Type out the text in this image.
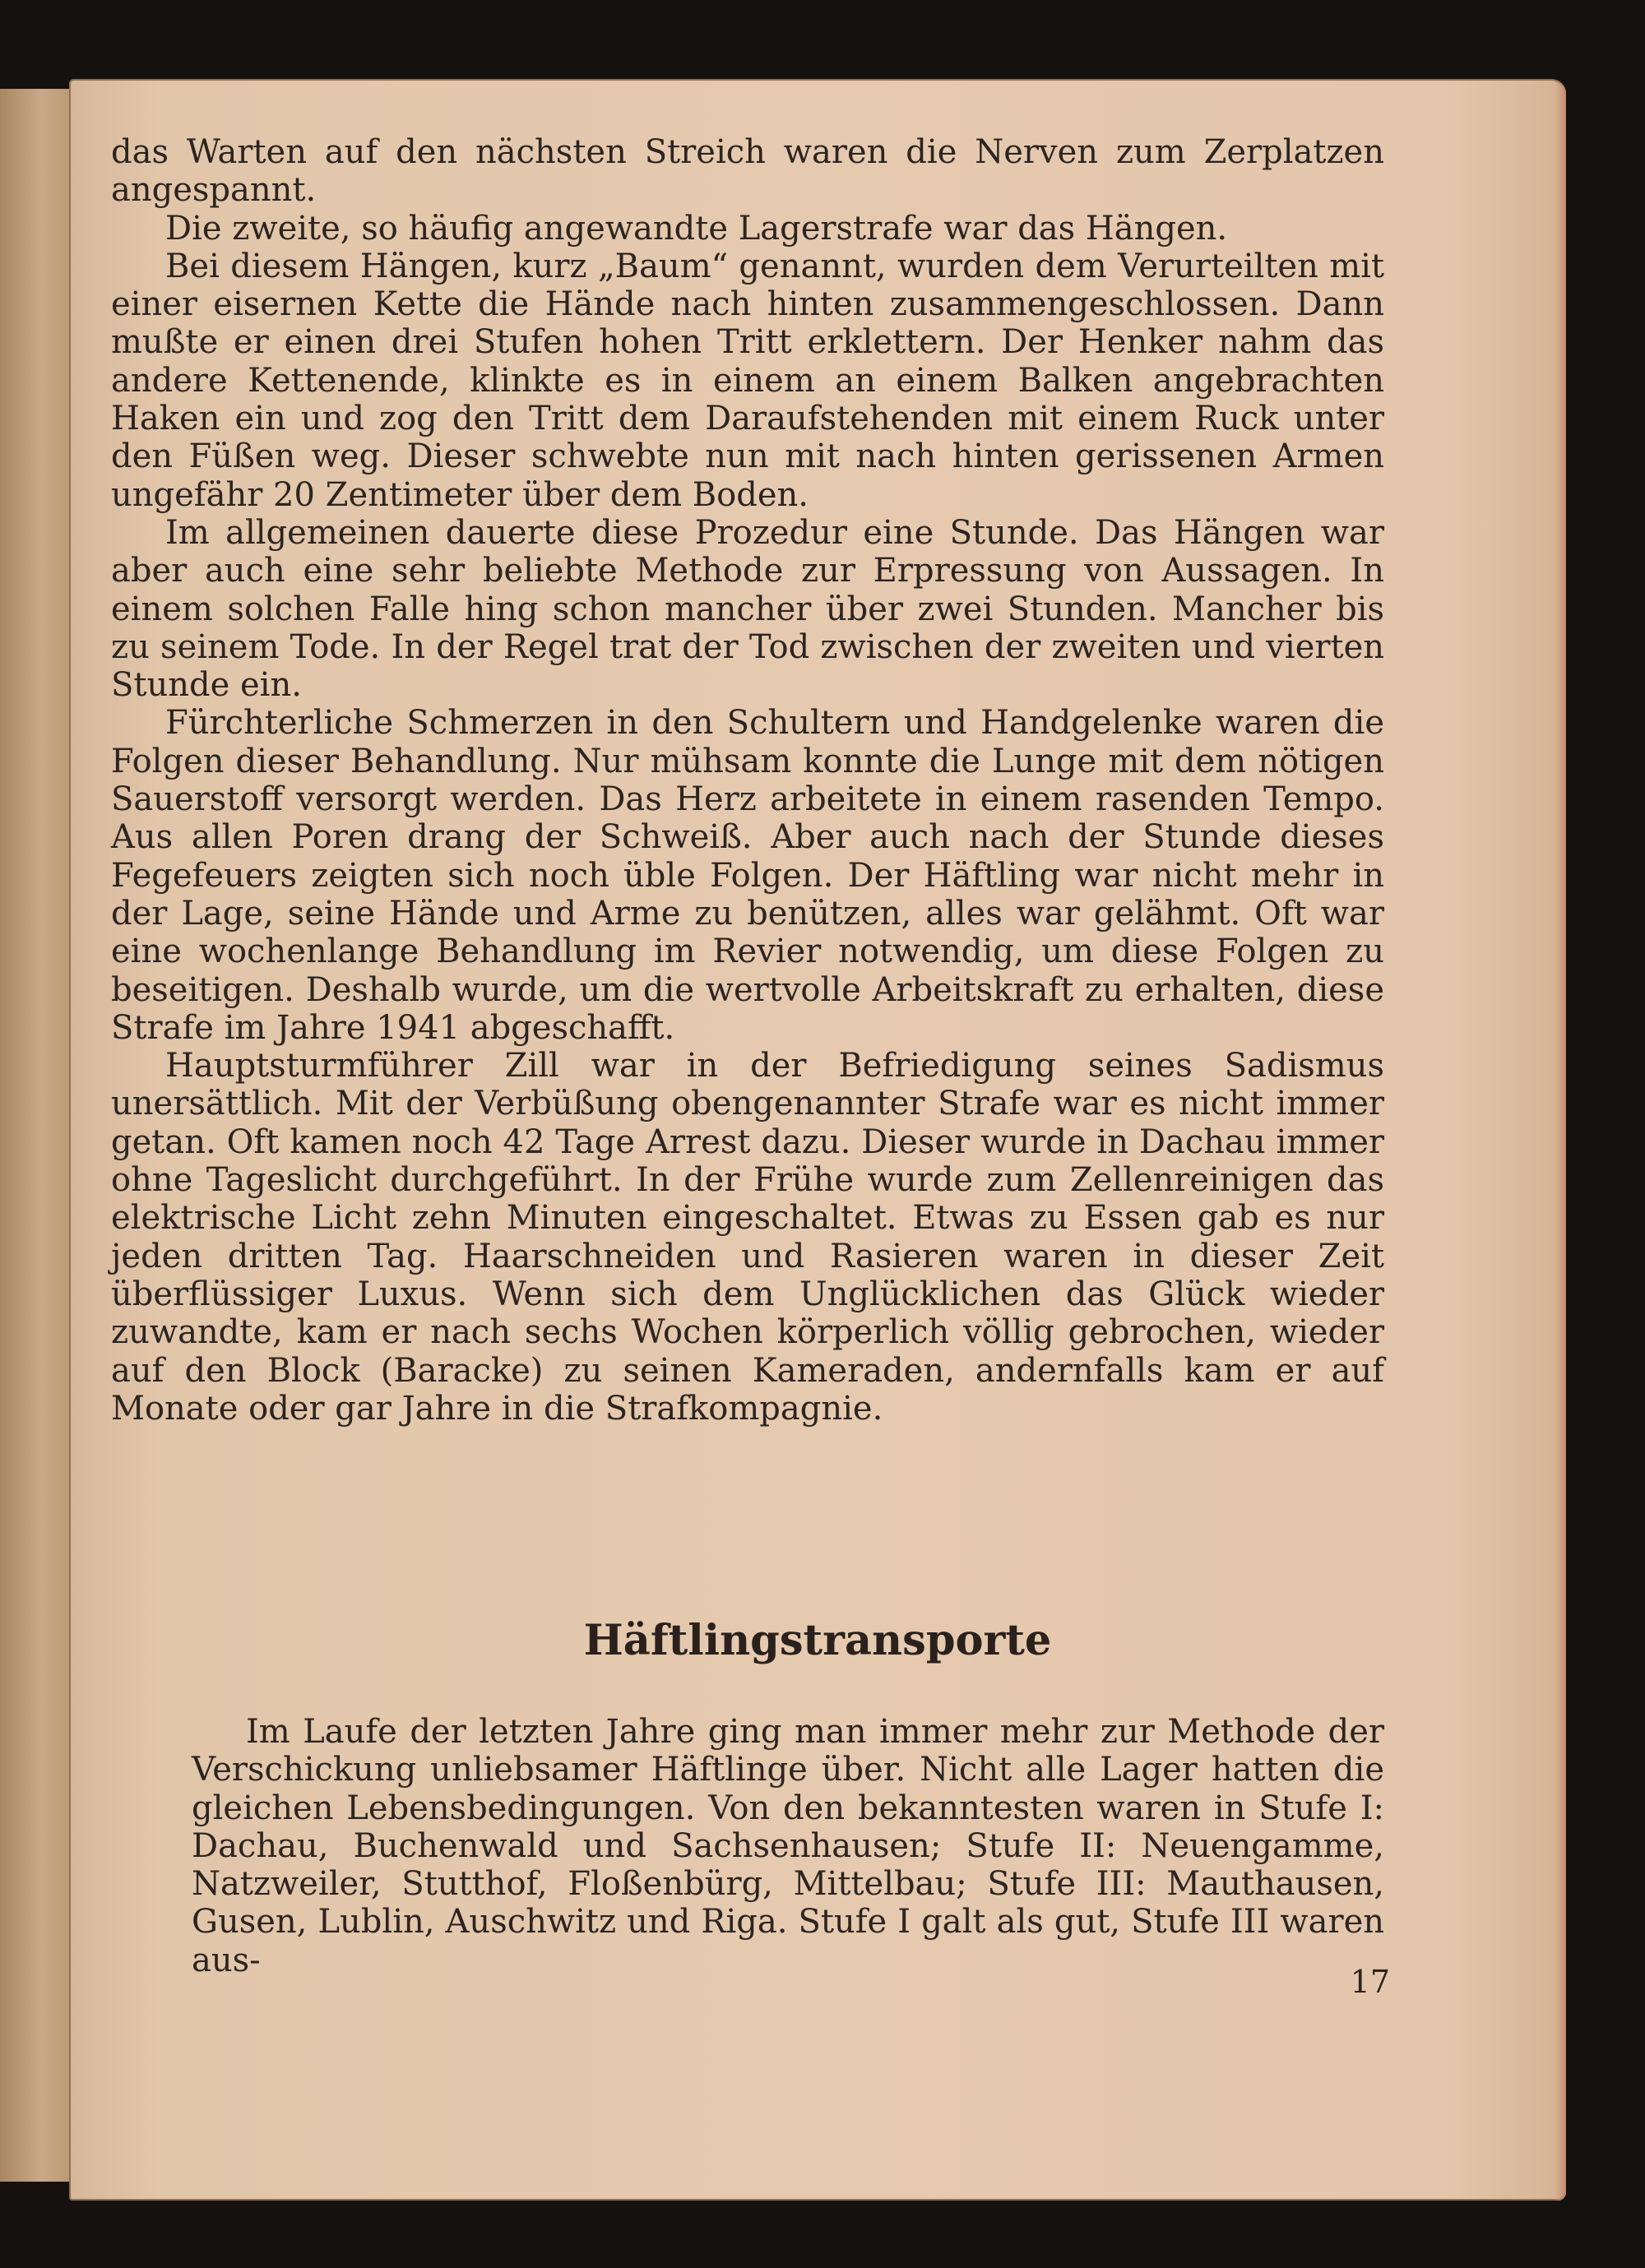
das Warten auf den nächsten Streich waren die Nerven zum Zerplatzen angespannt.

Die zweite, so häufig angewandte Lagerstrafe war das Hängen.

Bei diesem Hängen, kurz „Baum“ genannt, wurden dem Verurteilten mit einer eisernen Kette die Hände nach hinten zusammengeschlossen. Dann mußte er einen drei Stufen hohen Tritt erklettern. Der Henker nahm das andere Kettenende, klinkte es in einem an einem Balken angebrachten Haken ein und zog den Tritt dem Daraufstehenden mit einem Ruck unter den Füßen weg. Dieser schwebte nun mit nach hinten gerissenen Armen ungefähr 20 Zentimeter über dem Boden.

Im allgemeinen dauerte diese Prozedur eine Stunde. Das Hängen war aber auch eine sehr beliebte Methode zur Erpressung von Aussagen. In einem solchen Falle hing schon mancher über zwei Stunden. Mancher bis zu seinem Tode. In der Regel trat der Tod zwischen der zweiten und vierten Stunde ein.

Fürchterliche Schmerzen in den Schultern und Handgelenke waren die Folgen dieser Behandlung. Nur mühsam konnte die Lunge mit dem nötigen Sauerstoff versorgt werden. Das Herz arbeitete in einem rasenden Tempo. Aus allen Poren drang der Schweiß. Aber auch nach der Stunde dieses Fegefeuers zeigten sich noch üble Folgen. Der Häftling war nicht mehr in der Lage, seine Hände und Arme zu benützen, alles war gelähmt. Oft war eine wochenlange Behandlung im Revier notwendig, um diese Folgen zu beseitigen. Deshalb wurde, um die wertvolle Arbeitskraft zu erhalten, diese Strafe im Jahre 1941 abgeschafft.

Hauptsturmführer Zill war in der Befriedigung seines Sadismus unersättlich. Mit der Verbüßung obengenannter Strafe war es nicht immer getan. Oft kamen noch 42 Tage Arrest dazu. Dieser wurde in Dachau immer ohne Tageslicht durchgeführt. In der Frühe wurde zum Zellenreinigen das elektrische Licht zehn Minuten eingeschaltet. Etwas zu Essen gab es nur jeden dritten Tag. Haarschneiden und Rasieren waren in dieser Zeit überflüssiger Luxus. Wenn sich dem Unglücklichen das Glück wieder zuwandte, kam er nach sechs Wochen körperlich völlig gebrochen, wieder auf den Block (Baracke) zu seinen Kameraden, andernfalls kam er auf Monate oder gar Jahre in die Strafkompagnie.

Häftlingstransporte

Im Laufe der letzten Jahre ging man immer mehr zur Methode der Verschickung unliebsamer Häftlinge über. Nicht alle Lager hatten die gleichen Lebensbedingungen. Von den bekanntesten waren in Stufe I: Dachau, Buchenwald und Sachsenhausen; Stufe II: Neuengamme, Natzweiler, Stutthof, Floßenbürg, Mittelbau; Stufe III: Mauthausen, Gusen, Lublin, Auschwitz und Riga. Stufe I galt als gut, Stufe III waren aus-

17
